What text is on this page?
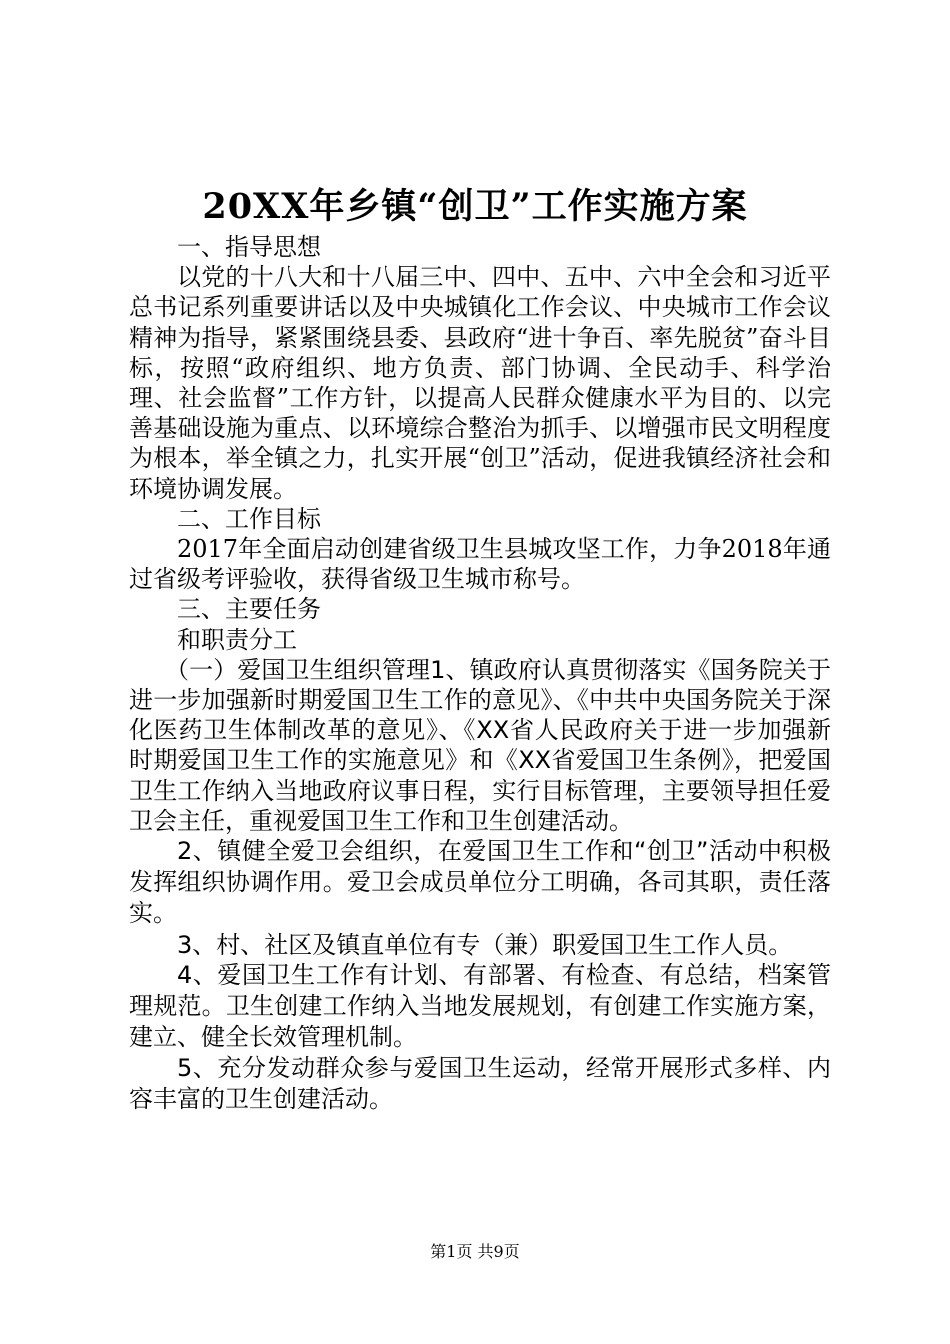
20XX年乡镇“创卫”工作实施方案

一、指导思想

以党的十八大和十八届三中、四中、五中、六中全会和习近平总书记系列重要讲话以及中央城镇化工作会议、中央城市工作会议精神为指导，紧紧围绕县委、县政府“进十争百、率先脱贫”奋斗目标，按照“政府组织、地方负责、部门协调、全民动手、科学治理、社会监督”工作方针，以提高人民群众健康水平为目的、以完善基础设施为重点、以环境综合整治为抓手、以增强市民文明程度为根本，举全镇之力，扎实开展“创卫”活动，促进我镇经济社会和环境协调发展。

二、工作目标

2017年全面启动创建省级卫生县城攻坚工作，力争2018年通过省级考评验收，获得省级卫生城市称号。

三、主要任务

和职责分工

（一）爱国卫生组织管理1、镇政府认真贯彻落实《国务院关于进一步加强新时期爱国卫生工作的意见》、《中共中央国务院关于深化医药卫生体制改革的意见》、《XX省人民政府关于进一步加强新时期爱国卫生工作的实施意见》和《XX省爱国卫生条例》，把爱国卫生工作纳入当地政府议事日程，实行目标管理，主要领导担任爱卫会主任，重视爱国卫生工作和卫生创建活动。

2、镇健全爱卫会组织，在爱国卫生工作和“创卫”活动中积极发挥组织协调作用。爱卫会成员单位分工明确，各司其职，责任落实。

3、村、社区及镇直单位有专（兼）职爱国卫生工作人员。

4、爱国卫生工作有计划、有部署、有检查、有总结，档案管理规范。卫生创建工作纳入当地发展规划，有创建工作实施方案，建立、健全长效管理机制。

5、充分发动群众参与爱国卫生运动，经常开展形式多样、内容丰富的卫生创建活动。

第1页 共9页
